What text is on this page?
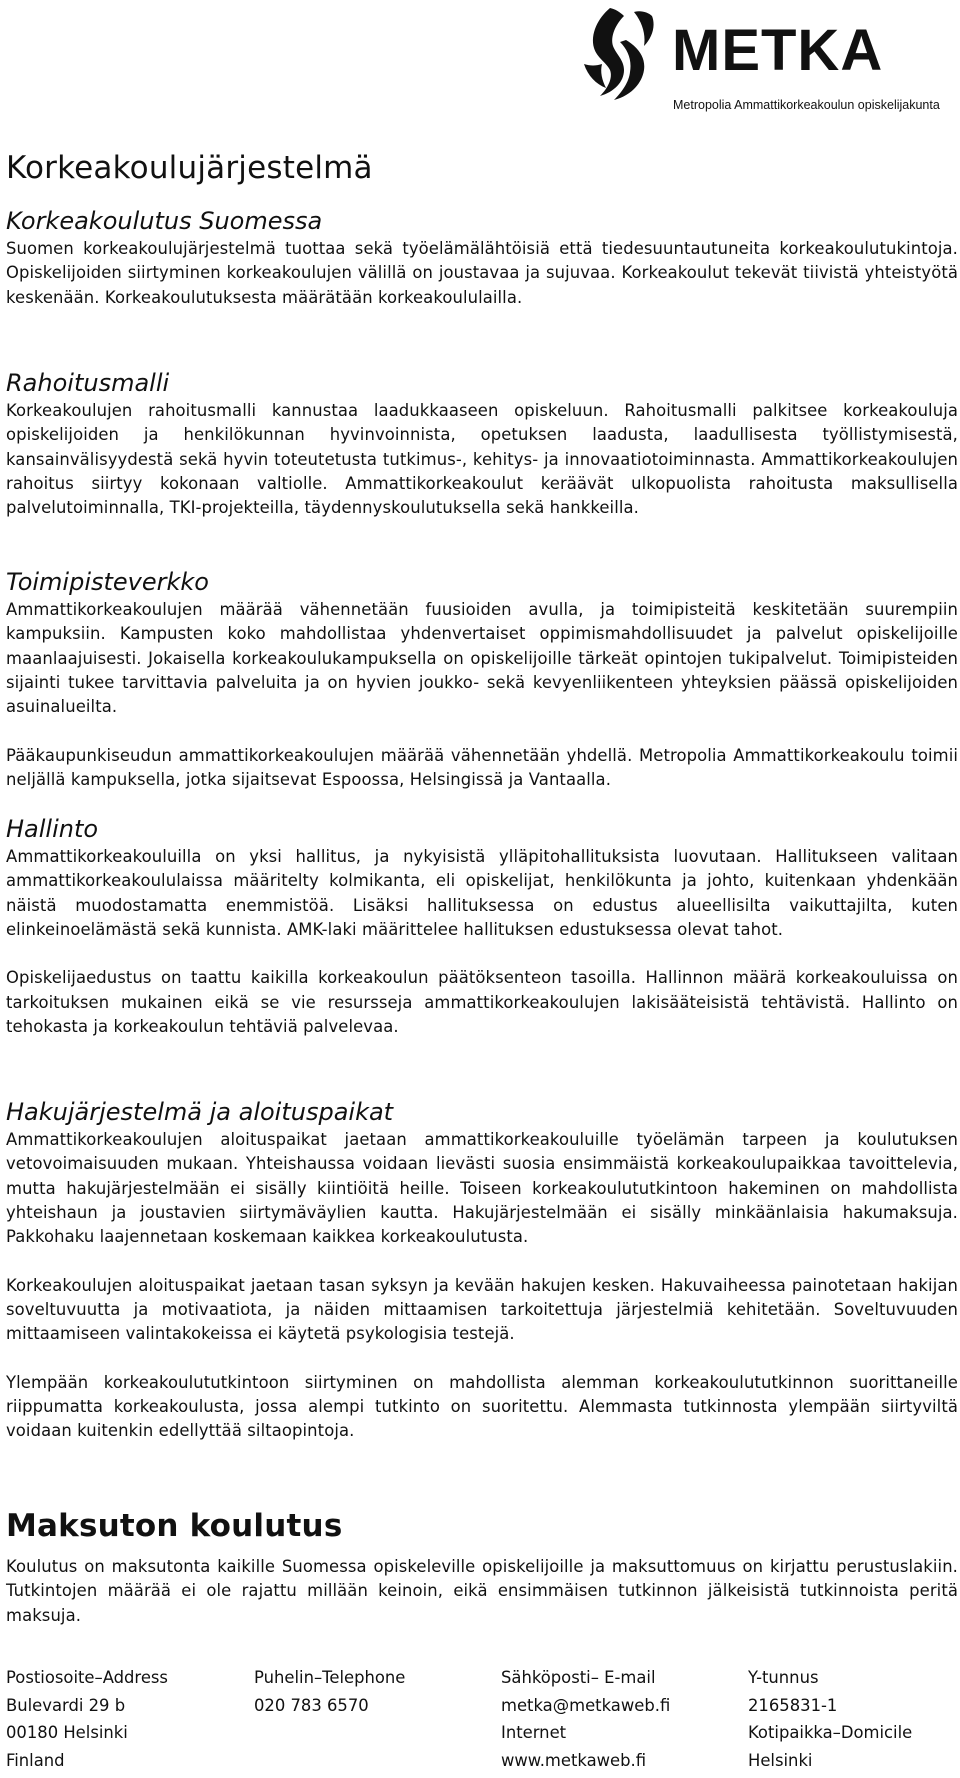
METKA
Metropolia Ammattikorkeakoulun opiskelijakunta
Korkeakoulujärjestelmä
Korkeakoulutus Suomessa

Suomen korkeakoulujärjestelmä tuottaa sekä työelämälähtöisiä että tiedesuuntautuneita korkeakoulutukintoja. Opiskelijoiden siirtyminen korkeakoulujen välillä on joustavaa ja sujuvaa. Korkeakoulut tekevät tiivistä yhteistyötä keskenään. Korkeakoulutuksesta määrätään korkeakoululailla.

Rahoitusmalli

Korkeakoulujen rahoitusmalli kannustaa laadukkaaseen opiskeluun. Rahoitusmalli palkitsee korkeakouluja opiskelijoiden ja henkilökunnan hyvinvoinnista, opetuksen laadusta, laadullisesta työllistymisestä, kansainvälisyydestä sekä hyvin toteutetusta tutkimus-, kehitys- ja innovaatiotoiminnasta. Ammattikorkeakoulujen rahoitus siirtyy kokonaan valtiolle. Ammattikorkeakoulut keräävät ulkopuolista rahoitusta maksullisella palvelutoiminnalla, TKI-projekteilla, täydennyskoulutuksella sekä hankkeilla.

Toimipisteverkko

Ammattikorkeakoulujen määrää vähennetään fuusioiden avulla, ja toimipisteitä keskitetään suurempiin kampuksiin. Kampusten koko mahdollistaa yhdenvertaiset oppimismahdollisuudet ja palvelut opiskelijoille maanlaajuisesti. Jokaisella korkeakoulukampuksella on opiskelijoille tärkeät opintojen tukipalvelut. Toimipisteiden sijainti tukee tarvittavia palveluita ja on hyvien joukko- sekä kevyenliikenteen yhteyksien päässä opiskelijoiden asuinalueilta.

Pääkaupunkiseudun ammattikorkeakoulujen määrää vähennetään yhdellä. Metropolia Ammattikorkeakoulu toimii neljällä kampuksella, jotka sijaitsevat Espoossa, Helsingissä ja Vantaalla.

Hallinto

Ammattikorkeakouluilla on yksi hallitus, ja nykyisistä ylläpitohallituksista luovutaan. Hallitukseen valitaan ammattikorkeakoululaissa määritelty kolmikanta, eli opiskelijat, henkilökunta ja johto, kuitenkaan yhdenkään näistä muodostamatta enemmistöä. Lisäksi hallituksessa on edustus alueellisilta vaikuttajilta, kuten elinkeinoelämästä sekä kunnista. AMK-laki määrittelee hallituksen edustuksessa olevat tahot.

Opiskelijaedustus on taattu kaikilla korkeakoulun päätöksenteon tasoilla. Hallinnon määrä korkeakouluissa on tarkoituksen mukainen eikä se vie resursseja ammattikorkeakoulujen lakisääteisistä tehtävistä. Hallinto on tehokasta ja korkeakoulun tehtäviä palvelevaa.

Hakujärjestelmä ja aloituspaikat

Ammattikorkeakoulujen aloituspaikat jaetaan ammattikorkeakouluille työelämän tarpeen ja koulutuksen vetovoimaisuuden mukaan. Yhteishaussa voidaan lievästi suosia ensimmäistä korkeakoulupaikkaa tavoittelevia, mutta hakujärjestelmään ei sisälly kiintiöitä heille. Toiseen korkeakoulututkintoon hakeminen on mahdollista yhteishaun ja joustavien siirtymäväylien kautta. Hakujärjestelmään ei sisälly minkäänlaisia hakumaksuja. Pakkohaku laajennetaan koskemaan kaikkea korkeakoulutusta.

Korkeakoulujen aloituspaikat jaetaan tasan syksyn ja kevään hakujen kesken. Hakuvaiheessa painotetaan hakijan soveltuvuutta ja motivaatiota, ja näiden mittaamisen tarkoitettuja järjestelmiä kehitetään. Soveltuvuuden mittaamiseen valintakokeissa ei käytetä psykologisia testejä.

Ylempään korkeakoulututkintoon siirtyminen on mahdollista alemman korkeakoulututkinnon suorittaneille riippumatta korkeakoulusta, jossa alempi tutkinto on suoritettu. Alemmasta tutkinnosta ylempään siirtyviltä voidaan kuitenkin edellyttää siltaopintoja.

Maksuton koulutus

Koulutus on maksutonta kaikille Suomessa opiskeleville opiskelijoille ja maksuttomuus on kirjattu perustuslakiin. Tutkintojen määrää ei ole rajattu millään keinoin, eikä ensimmäisen tutkinnon jälkeisistä tutkinnoista peritä maksuja.

Postiosoite–Address
Bulevardi 29 b
00180 Helsinki
Finland
Puhelin–Telephone
020 783 6570
Sähköposti– E-mail
metka@metkaweb.fi
Internet
www.metkaweb.fi
Y-tunnus
2165831-1
Kotipaikka–Domicile
Helsinki
